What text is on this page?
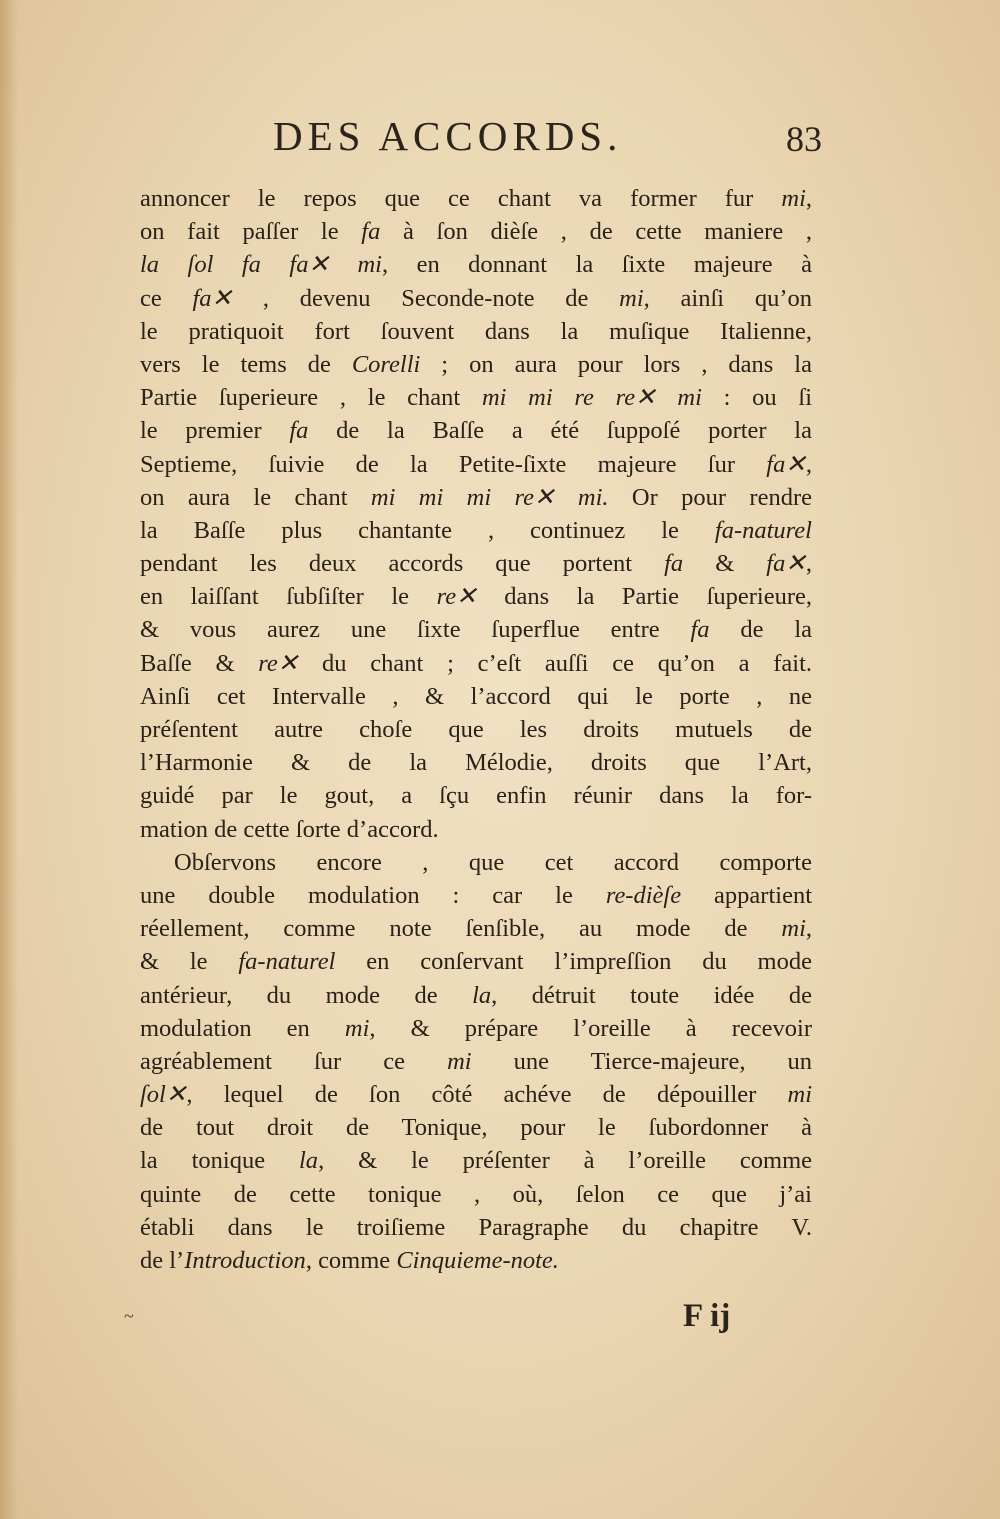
DES ACCORDS.	83
annoncer le repos que ce chant va former fur mi,
on fait paſſer le fa à ſon dièſe , de cette maniere ,
la ſol fa fa✕ mi, en donnant la ſixte majeure à
ce fa✕ , devenu Seconde-note de mi, ainſi qu’on
le pratiquoit fort ſouvent dans la muſique Italienne,
vers le tems de Corelli ; on aura pour lors , dans la
Partie ſuperieure , le chant mi mi re re✕ mi : ou ſi
le premier fa de la Baſſe a été ſuppoſé porter la
Septieme, ſuivie de la Petite-ſixte majeure ſur fa✕,
on aura le chant mi mi mi re✕ mi. Or pour rendre
la Baſſe plus chantante , continuez le fa-naturel
pendant les deux accords que portent fa & fa✕,
en laiſſant ſubſiſter le re✕ dans la Partie ſuperieure,
& vous aurez une ſixte ſuperflue entre fa de la
Baſſe & re✕ du chant ; c’eſt auſſi ce qu’on a fait.
Ainſi cet Intervalle , & l’accord qui le porte , ne
préſentent autre choſe que les droits mutuels de
l’Harmonie & de la Mélodie, droits que l’Art,
guidé par le gout, a ſçu enfin réunir dans la for-
mation de cette ſorte d’accord.
Obſervons encore , que cet accord comporte
une double modulation : car le re-dièſe appartient
réellement, comme note ſenſible, au mode de mi,
& le fa-naturel en conſervant l’impreſſion du mode
antérieur, du mode de la, détruit toute idée de
modulation en mi, & prépare l’oreille à recevoir
agréablement ſur ce mi une Tierce-majeure, un
ſol✕, lequel de ſon côté achéve de dépouiller mi
de tout droit de Tonique, pour le ſubordonner à
la tonique la, & le préſenter à l’oreille comme
quinte de cette tonique , où, ſelon ce que j’ai
établi dans le troiſieme Paragraphe du chapitre V.
de l’Introduction, comme Cinquieme-note.
~	F ij
